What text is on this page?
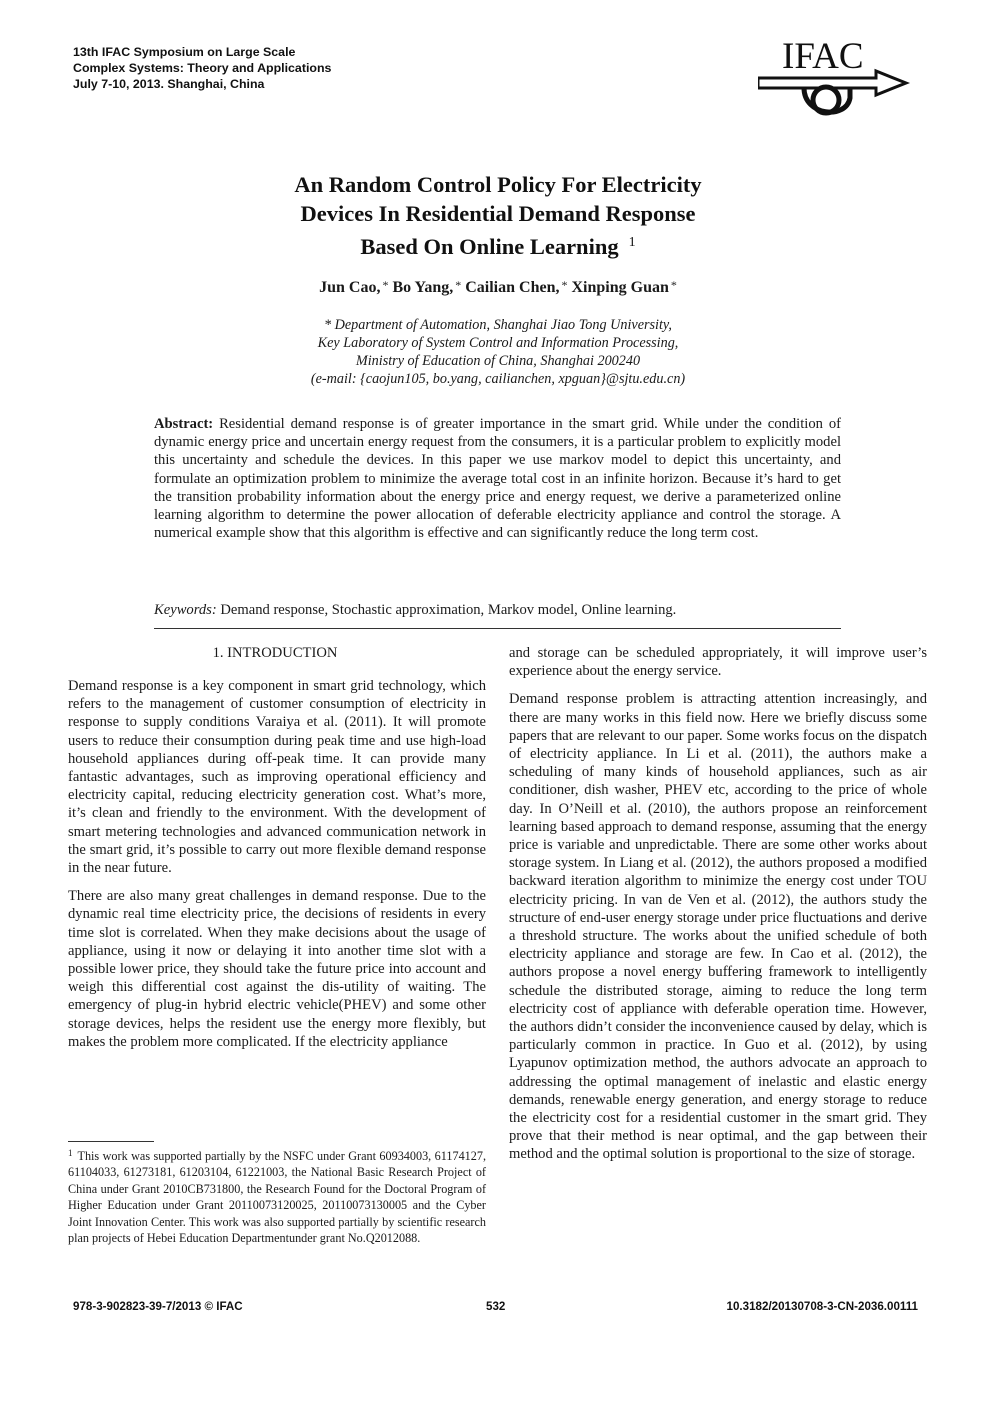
13th IFAC Symposium on Large Scale
Complex Systems: Theory and Applications
July 7-10, 2013. Shanghai, China
IFAC
An Random Control Policy For Electricity
Devices In Residential Demand Response
Based On Online Learning $^1$
Jun Cao, * Bo Yang, * Cailian Chen, * Xinping Guan *
* Department of Automation, Shanghai Jiao Tong University,
Key Laboratory of System Control and Information Processing,
Ministry of Education of China, Shanghai 200240
(e-mail: {caojun105, bo.yang, cailianchen, xpguan}@sjtu.edu.cn)
Abstract: Residential demand response is of greater importance in the smart grid. While under the condition of dynamic energy price and uncertain energy request from the consumers, it is a particular problem to explicitly model this uncertainty and schedule the devices. In this paper we use markov model to depict this uncertainty, and formulate an optimization problem to minimize the average total cost in an infinite horizon. Because it’s hard to get the transition probability information about the energy price and energy request, we derive a parameterized online learning algorithm to determine the power allocation of deferable electricity appliance and control the storage. A numerical example show that this algorithm is effective and can significantly reduce the long term cost.
Keywords: Demand response, Stochastic approximation, Markov model, Online learning.
1. INTRODUCTION

Demand response is a key component in smart grid technology, which refers to the management of customer consumption of electricity in response to supply conditions Varaiya et al. (2011). It will promote users to reduce their consumption during peak time and use high-load household appliances during off-peak time. It can provide many fantastic advantages, such as improving operational efficiency and electricity capital, reducing electricity generation cost. What’s more, it’s clean and friendly to the environment. With the development of smart metering technologies and advanced communication network in the smart grid, it’s possible to carry out more flexible demand response in the near future.

There are also many great challenges in demand response. Due to the dynamic real time electricity price, the decisions of residents in every time slot is correlated. When they make decisions about the usage of appliance, using it now or delaying it into another time slot with a possible lower price, they should take the future price into account and weigh this differential cost against the dis-utility of waiting. The emergency of plug-in hybrid electric vehicle(PHEV) and some other storage devices, helps the resident use the energy more flexibly, but makes the problem more complicated. If the electricity appliance

and storage can be scheduled appropriately, it will improve user’s experience about the energy service.

Demand response problem is attracting attention increasingly, and there are many works in this field now. Here we briefly discuss some papers that are relevant to our paper. Some works focus on the dispatch of electricity appliance. In Li et al. (2011), the authors make a scheduling of many kinds of household appliances, such as air conditioner, dish washer, PHEV etc, according to the price of whole day. In O’Neill et al. (2010), the authors propose an reinforcement learning based approach to demand response, assuming that the energy price is variable and unpredictable. There are some other works about storage system. In Liang et al. (2012), the authors proposed a modified backward iteration algorithm to minimize the energy cost under TOU electricity pricing. In van de Ven et al. (2012), the authors study the structure of end-user energy storage under price fluctuations and derive a threshold structure. The works about the unified schedule of both electricity appliance and storage are few. In Cao et al. (2012), the authors propose a novel energy buffering framework to intelligently schedule the distributed storage, aiming to reduce the long term electricity cost of appliance with deferable operation time. However, the authors didn’t consider the inconvenience caused by delay, which is particularly common in practice. In Guo et al. (2012), by using Lyapunov optimization method, the authors advocate an approach to addressing the optimal management of inelastic and elastic energy demands, renewable energy generation, and energy storage to reduce the electricity cost for a residential customer in the smart grid. They prove that their method is near optimal, and the gap between their method and the optimal solution is proportional to the size of storage.

$^1$ This work was supported partially by the NSFC under Grant 60934003, 61174127, 61104033, 61273181, 61203104, 61221003, the National Basic Research Project of China under Grant 2010CB731800, the Research Found for the Doctoral Program of Higher Education under Grant 20110073120025, 20110073130005 and the Cyber Joint Innovation Center. This work was also supported partially by scientific research plan projects of Hebei Education Departmentunder grant No.Q2012088.
978-3-902823-39-7/2013 © IFAC	532	10.3182/20130708-3-CN-2036.00111
